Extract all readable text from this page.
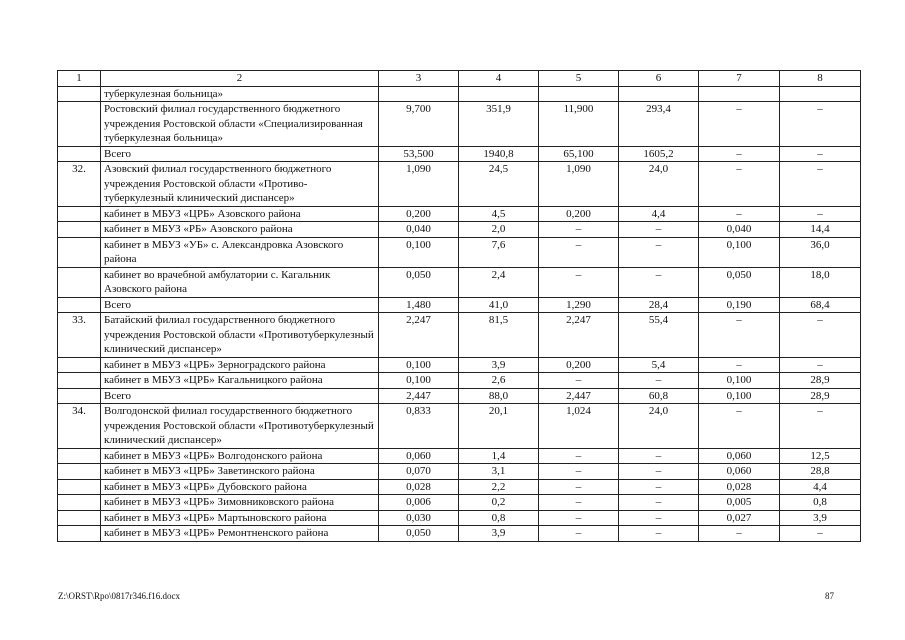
1	2	3	4	5	6	7	8
	туберкулезная больница»						
	Ростовский филиал государственного бюджетного учреждения Ростовской области «Специализированная туберкулезная больница»	9,700	351,9	11,900	293,4	–	–
	Всего	53,500	1940,8	65,100	1605,2	–	–
32.	Азовский филиал государственного бюджетного учреждения Ростовской области «Противо-туберкулезный клинический диспансер»	1,090	24,5	1,090	24,0	–	–
	кабинет в МБУЗ «ЦРБ» Азовского района	0,200	4,5	0,200	4,4	–	–
	кабинет в МБУЗ «РБ» Азовского района	0,040	2,0	–	–	0,040	14,4
	кабинет в МБУЗ «УБ» с. Александровка Азовского района	0,100	7,6	–	–	0,100	36,0
	кабинет во врачебной амбулатории с. Кагальник Азовского района	0,050	2,4	–	–	0,050	18,0
	Всего	1,480	41,0	1,290	28,4	0,190	68,4
33.	Батайский филиал государственного бюджетного учреждения Ростовской области «Противотуберкулезный клинический диспансер»	2,247	81,5	2,247	55,4	–	–
	кабинет в МБУЗ «ЦРБ» Зерноградского района	0,100	3,9	0,200	5,4	–	–
	кабинет в МБУЗ «ЦРБ» Кагальницкого района	0,100	2,6	–	–	0,100	28,9
	Всего	2,447	88,0	2,447	60,8	0,100	28,9
34.	Волгодонской филиал государственного бюджетного учреждения Ростовской области «Противотуберкулезный клинический диспансер»	0,833	20,1	1,024	24,0	–	–
	кабинет в МБУЗ «ЦРБ» Волгодонского района	0,060	1,4	–	–	0,060	12,5
	кабинет в МБУЗ «ЦРБ» Заветинского района	0,070	3,1	–	–	0,060	28,8
	кабинет в МБУЗ «ЦРБ» Дубовского района	0,028	2,2	–	–	0,028	4,4
	кабинет в МБУЗ «ЦРБ» Зимовниковского района	0,006	0,2	–	–	0,005	0,8
	кабинет в МБУЗ «ЦРБ» Мартыновского района	0,030	0,8	–	–	0,027	3,9
	кабинет в МБУЗ «ЦРБ» Ремонтненского района	0,050	3,9	–	–	–	–
Z:\ORST\Rpo\0817r346.f16.docx	87
